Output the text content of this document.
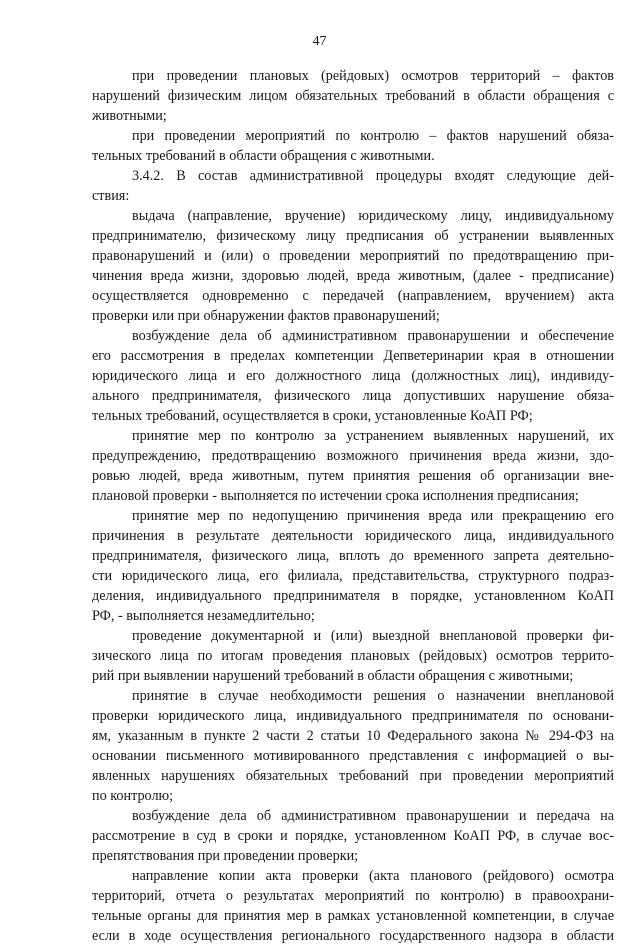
47
при проведении плановых (рейдовых) осмотров территорий – фактов
нарушений физическим лицом обязательных требований в области обращения с
животными;
при проведении мероприятий по контролю – фактов нарушений обяза-
тельных требований в области обращения с животными.
3.4.2. В состав административной процедуры входят следующие дей-
ствия:
выдача (направление, вручение) юридическому лицу, индивидуальному
предпринимателю, физическому лицу предписания об устранении выявленных
правонарушений и (или) о проведении мероприятий по предотвращению при-
чинения вреда жизни, здоровью людей, вреда животным, (далее - предписание)
осуществляется одновременно с передачей (направлением, вручением) акта
проверки или при обнаружении фактов правонарушений;
возбуждение дела об административном правонарушении и обеспечение
его рассмотрения в пределах компетенции Депветеринарии края в отношении
юридического лица и его должностного лица (должностных лиц), индивиду-
ального предпринимателя, физического лица допустивших нарушение обяза-
тельных требований, осуществляется в сроки, установленные КоАП РФ;
принятие мер по контролю за устранением выявленных нарушений, их
предупреждению, предотвращению возможного причинения вреда жизни, здо-
ровью людей, вреда животным, путем принятия решения об организации вне-
плановой проверки - выполняется по истечении срока исполнения предписания;
принятие мер по недопущению причинения вреда или прекращению его
причинения в результате деятельности юридического лица, индивидуального
предпринимателя, физического лица, вплоть до временного запрета деятельно-
сти юридического лица, его филиала, представительства, структурного подраз-
деления, индивидуального предпринимателя в порядке, установленном КоАП
РФ, - выполняется незамедлительно;
проведение документарной и (или) выездной внеплановой проверки фи-
зического лица по итогам проведения плановых (рейдовых) осмотров террито-
рий при выявлении нарушений требований в области обращения с животными;
принятие в случае необходимости решения о назначении внеплановой
проверки юридического лица, индивидуального предпринимателя по основани-
ям, указанным в пункте 2 части 2 статьи 10 Федерального закона № 294-ФЗ на
основании письменного мотивированного представления с информацией о вы-
явленных нарушениях обязательных требований при проведении мероприятий
по контролю;
возбуждение дела об административном правонарушении и передача на
рассмотрение в суд в сроки и порядке, установленном КоАП РФ, в случае вос-
препятствования при проведении проверки;
направление копии акта проверки (акта планового (рейдового) осмотра
территорий, отчета о результатах мероприятий по контролю) в правоохрани-
тельные органы для принятия мер в рамках установленной компетенции, в случае
если в ходе осуществления регионального государственного надзора в области
